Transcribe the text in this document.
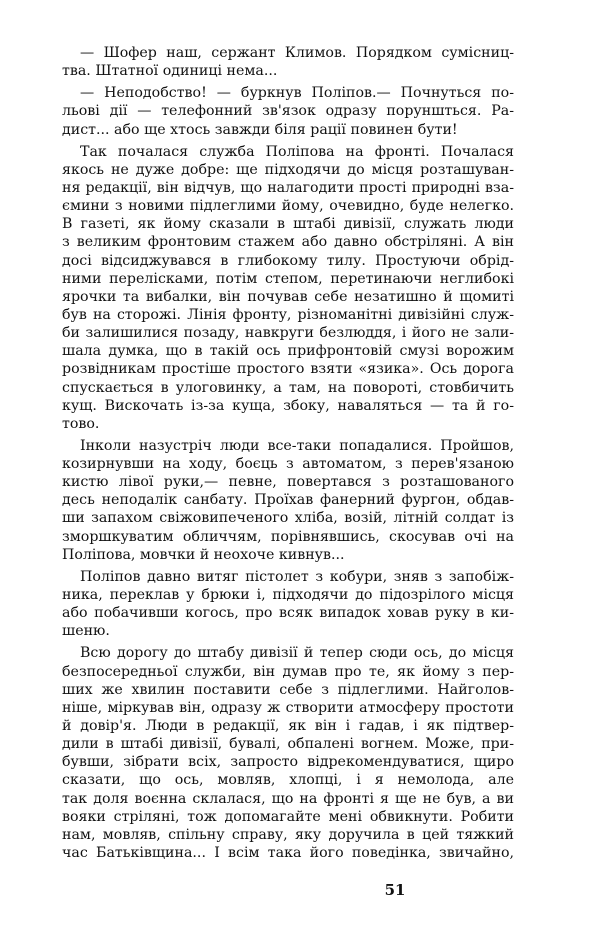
— Шофер наш, сержант Климов. Порядком сумісниц-
тва. Штатної одиниці нема...
— Неподобство! — буркнув Поліпов.— Почнуться по-
льові дії — телефонний зв'язок одразу поруншться. Ра-
дист... або ще хтось завжди біля рації повинен бути!
Так почалася служба Поліпова на фронті. Почалася
якось не дуже добре: ще підходячи до місця розташуван-
ня редакції, він відчув, що налагодити прості природні вза-
ємини з новими підлеглими йому, очевидно, буде нелегко.
В газеті, як йому сказали в штабі дивізії, служать люди
з великим фронтовим стажем або давно обстріляні. А він
досі відсиджувався в глибокому тилу. Простуючи обрід-
ними перелісками, потім степом, перетинаючи неглибокі
ярочки та вибалки, він почував себе незатишно й щомиті
був на сторожі. Лінія фронту, різноманітні дивізійні служ-
би залишилися позаду, навкруги безлюддя, і його не зали-
шала думка, що в такій ось прифронтовій смузі ворожим
розвідникам простіше простого взяти «язика». Ось дорога
спускається в улоговинку, а там, на повороті, стовбичить
кущ. Вискочать із-за куща, збоку, наваляться — та й го-
тово.
Інколи назустріч люди все-таки попадалися. Пройшов,
козирнувши на ходу, боєць з автоматом, з перев'язаною
кистю лівої руки,— певне, повертався з розташованого
десь неподалік санбату. Проїхав фанерний фургон, обдав-
ши запахом свіжовипеченого хліба, возій, літній солдат із
зморшкуватим обличчям, порівнявшись, скосував очі на
Поліпова, мовчки й неохоче кивнув...
Поліпов давно витяг пістолет з кобури, зняв з запобіж-
ника, переклав у брюки і, підходячи до підозрілого місця
або побачивши когось, про всяк випадок ховав руку в ки-
шеню.
Всю дорогу до штабу дивізії й тепер сюди ось, до місця
безпосередньої служби, він думав про те, як йому з пер-
ших же хвилин поставити себе з підлеглими. Найголов-
ніше, міркував він, одразу ж створити атмосферу простоти
й довір'я. Люди в редакції, як він і гадав, і як підтвер-
дили в штабі дивізії, бувалі, обпалені вогнем. Може, при-
бувши, зібрати всіх, запросто відрекомендуватися, щиро
сказати, що ось, мовляв, хлопці, і я немолода, але
так доля воєнна склалася, що на фронті я ще не був, а ви
вояки стріляні, тож допомагайте мені обвикнути. Робити
нам, мовляв, спільну справу, яку доручила в цей тяжкий
час Батьківщина... І всім така його поведінка, звичайно,
51
